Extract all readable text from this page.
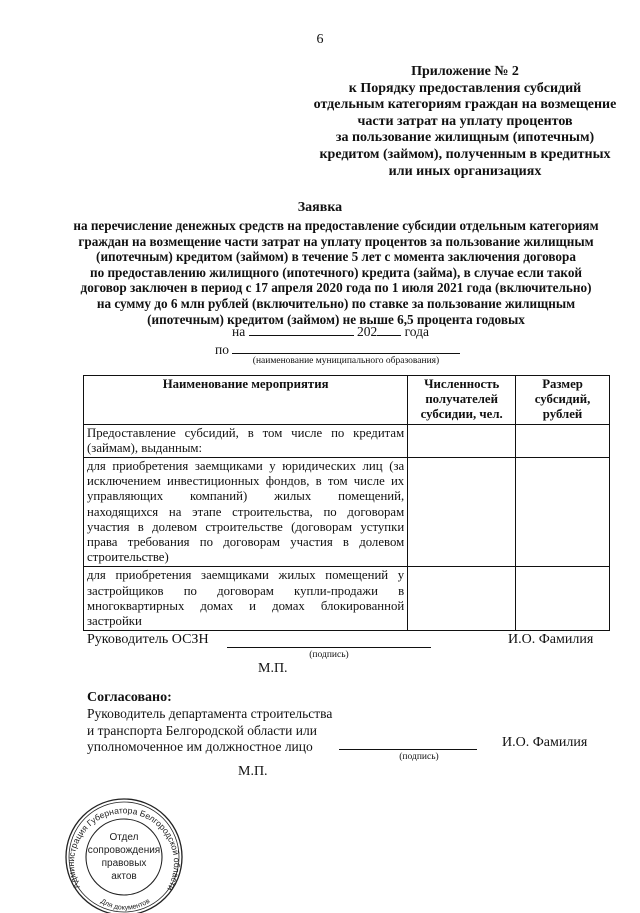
6
Приложение № 2
к Порядку предоставления субсидий
отдельным категориям граждан на возмещение
части затрат на уплату процентов
за пользование жилищным (ипотечным)
кредитом (займом), полученным в кредитных
или иных организациях
Заявка
на перечисление денежных средств на предоставление субсидии отдельным категориям
граждан на возмещение части затрат на уплату процентов за пользование жилищным
(ипотечным) кредитом (займом) в течение 5 лет с момента заключения договора
по предоставлению жилищного (ипотечного) кредита (займа), в случае если такой
договор заключен в период с 17 апреля 2020 года по 1 июля 2021 года (включительно)
на сумму до 6 млн рублей (включительно) по ставке за пользование жилищным
(ипотечным) кредитом (займом) не выше 6,5 процента годовых
на	202 года
по
(наименование муниципального образования)
Наименование мероприятия	Численность получателей субсидии, чел.	Размер субсидий, рублей
Предоставление субсидий, в том числе по кредитам (займам), выданным:		
для приобретения заемщиками у юридических лиц (за исключением инвестиционных фондов, в том числе их управляющих компаний) жилых помещений, находящихся на этапе строительства, по договорам участия в долевом строительстве (договорам уступки права требования по договорам участия в долевом строительстве)		
для приобретения заемщиками жилых помещений у застройщиков по договорам купли-продажи в многоквартирных домах и домах блокированной застройки		
Руководитель ОСЗН
(подпись)
И.О. Фамилия
М.П.
Согласовано:
Руководитель департамента строительства
и транспорта Белгородской области или
уполномоченное им должностное лицо
(подпись)
И.О. Фамилия
М.П.
Администрация Губернатора Белгородской области
Для документов
Отдел
сопровождения
правовых
актов
